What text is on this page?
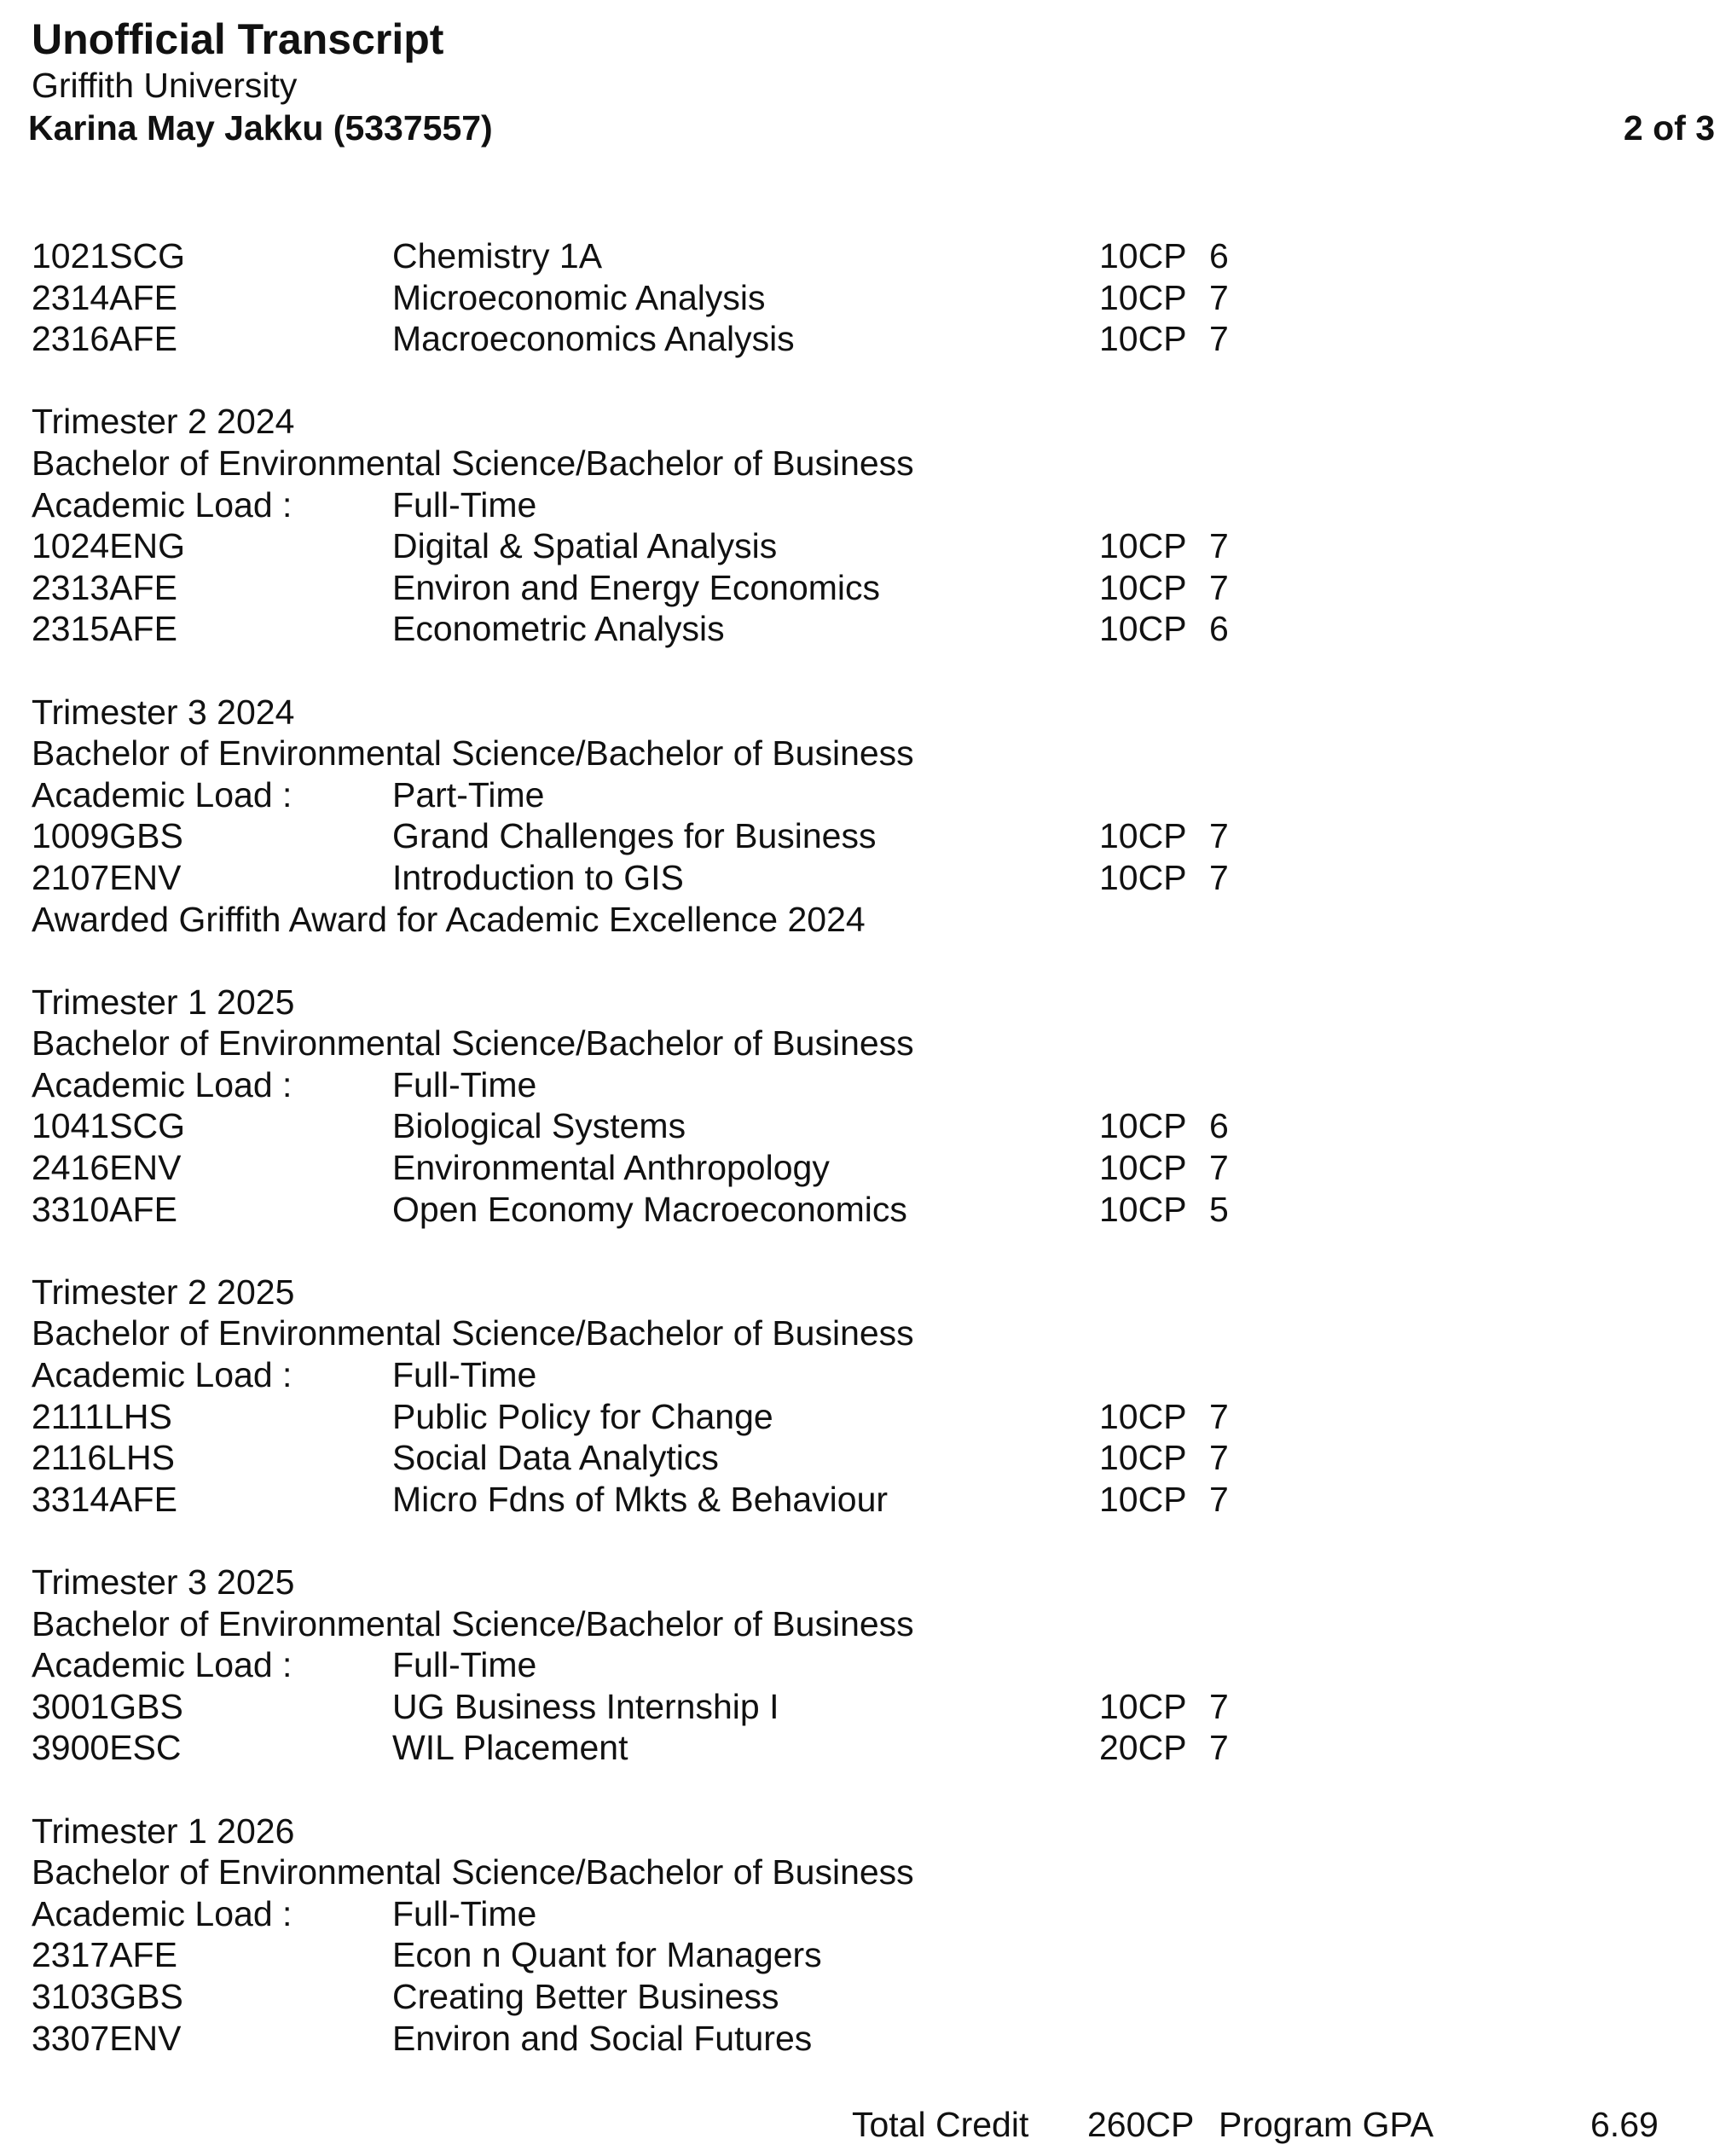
Unofficial Transcript
Griffith University
Karina May Jakku (5337557)	2 of 3
1021SCG	Chemistry 1A	10CP 6
2314AFE	Microeconomic Analysis	10CP 7
2316AFE	Macroeconomics Analysis	10CP 7
Trimester 2 2024
Bachelor of Environmental Science/Bachelor of Business
Academic Load :	Full-Time
1024ENG	Digital & Spatial Analysis	10CP 7
2313AFE	Environ and Energy Economics	10CP 7
2315AFE	Econometric Analysis	10CP 6
Trimester 3 2024
Bachelor of Environmental Science/Bachelor of Business
Academic Load :	Part-Time
1009GBS	Grand Challenges for Business	10CP 7
2107ENV	Introduction to GIS	10CP 7
Awarded Griffith Award for Academic Excellence 2024
Trimester 1 2025
Bachelor of Environmental Science/Bachelor of Business
Academic Load :	Full-Time
1041SCG	Biological Systems	10CP 6
2416ENV	Environmental Anthropology	10CP 7
3310AFE	Open Economy Macroeconomics	10CP 5
Trimester 2 2025
Bachelor of Environmental Science/Bachelor of Business
Academic Load :	Full-Time
2111LHS	Public Policy for Change	10CP 7
2116LHS	Social Data Analytics	10CP 7
3314AFE	Micro Fdns of Mkts & Behaviour	10CP 7
Trimester 3 2025
Bachelor of Environmental Science/Bachelor of Business
Academic Load :	Full-Time
3001GBS	UG Business Internship I	10CP 7
3900ESC	WIL Placement	20CP 7
Trimester 1 2026
Bachelor of Environmental Science/Bachelor of Business
Academic Load :	Full-Time
2317AFE	Econ n Quant for Managers
3103GBS	Creating Better Business
3307ENV	Environ and Social Futures
Total Credit 260CP Program GPA	6.69
